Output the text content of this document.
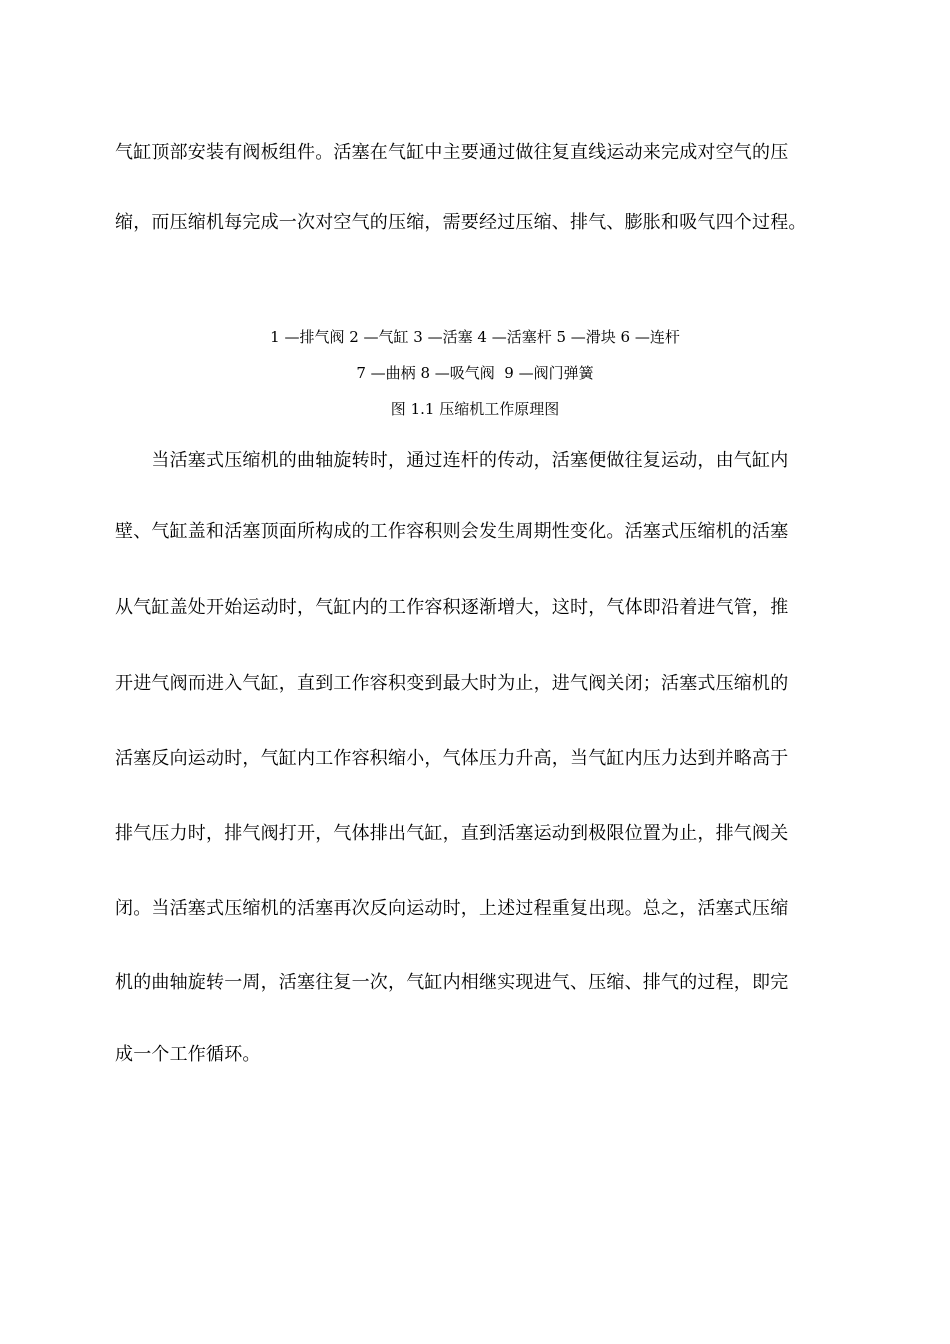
气缸顶部安装有阀板组件。活塞在气缸中主要通过做往复直线运动来完成对空气的压

缩，而压缩机每完成一次对空气的压缩，需要经过压缩、排气、膨胀和吸气四个过程。

1 —排气阀 2 —气缸 3 —活塞 4 —活塞杆 5 —滑块 6 —连杆
7 —曲柄 8 —吸气阀  9 —阀门弹簧
图 1.1 压缩机工作原理图

　　当活塞式压缩机的曲轴旋转时，通过连杆的传动，活塞便做往复运动，由气缸内

壁、气缸盖和活塞顶面所构成的工作容积则会发生周期性变化。活塞式压缩机的活塞

从气缸盖处开始运动时，气缸内的工作容积逐渐增大，这时，气体即沿着进气管，推

开进气阀而进入气缸，直到工作容积变到最大时为止，进气阀关闭；活塞式压缩机的

活塞反向运动时，气缸内工作容积缩小，气体压力升高，当气缸内压力达到并略高于

排气压力时，排气阀打开，气体排出气缸，直到活塞运动到极限位置为止，排气阀关

闭。当活塞式压缩机的活塞再次反向运动时，上述过程重复出现。总之，活塞式压缩

机的曲轴旋转一周，活塞往复一次，气缸内相继实现进气、压缩、排气的过程，即完

成一个工作循环。
